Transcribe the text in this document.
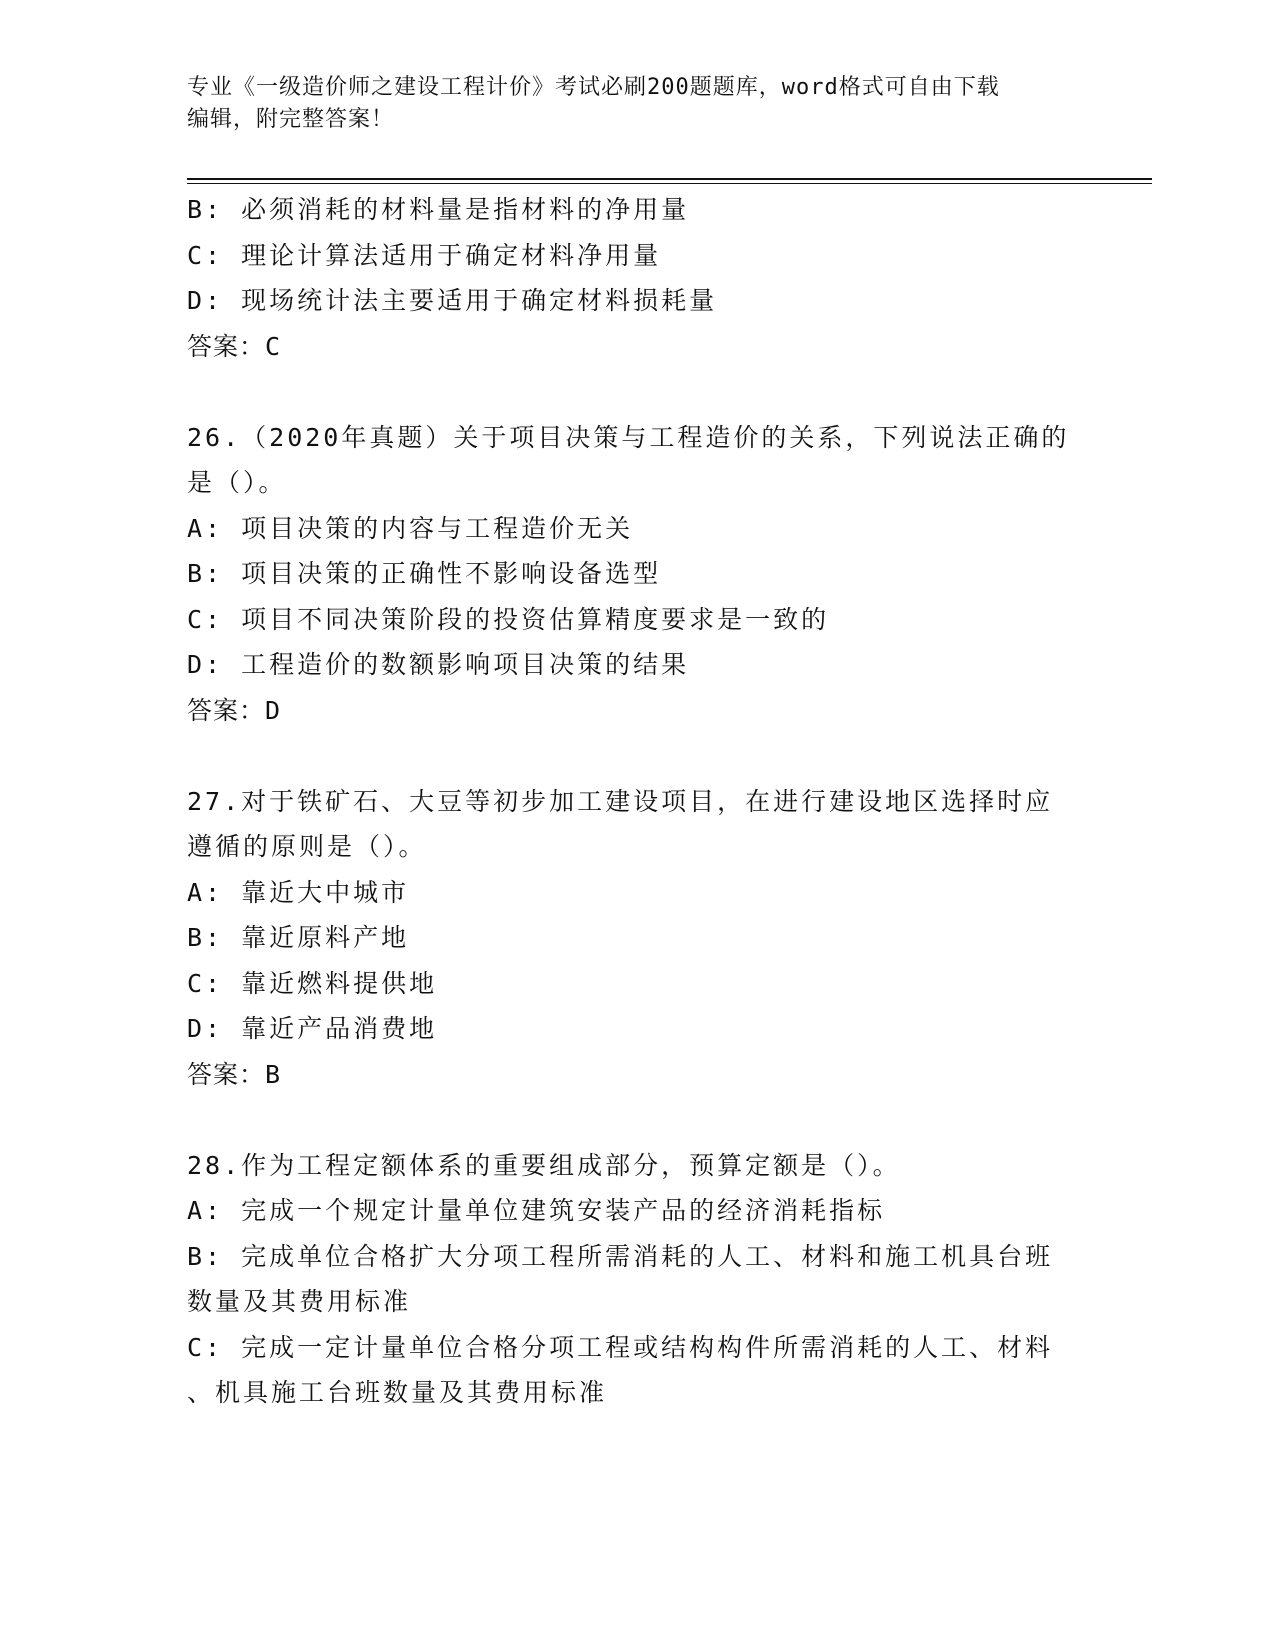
专业《一级造价师之建设工程计价》考试必刷200题题库，word格式可自由下载
编辑，附完整答案！
B: 必须消耗的材料量是指材料的净用量
C: 理论计算法适用于确定材料净用量
D: 现场统计法主要适用于确定材料损耗量
答案：C
26.（2020年真题）关于项目决策与工程造价的关系，下列说法正确的
是（）。
A: 项目决策的内容与工程造价无关
B: 项目决策的正确性不影响设备选型
C: 项目不同决策阶段的投资估算精度要求是一致的
D: 工程造价的数额影响项目决策的结果
答案：D
27.对于铁矿石、大豆等初步加工建设项目，在进行建设地区选择时应
遵循的原则是（）。
A: 靠近大中城市
B: 靠近原料产地
C: 靠近燃料提供地
D: 靠近产品消费地
答案：B
28.作为工程定额体系的重要组成部分，预算定额是（）。
A: 完成一个规定计量单位建筑安装产品的经济消耗指标
B: 完成单位合格扩大分项工程所需消耗的人工、材料和施工机具台班
数量及其费用标准
C: 完成一定计量单位合格分项工程或结构构件所需消耗的人工、材料
、机具施工台班数量及其费用标准
